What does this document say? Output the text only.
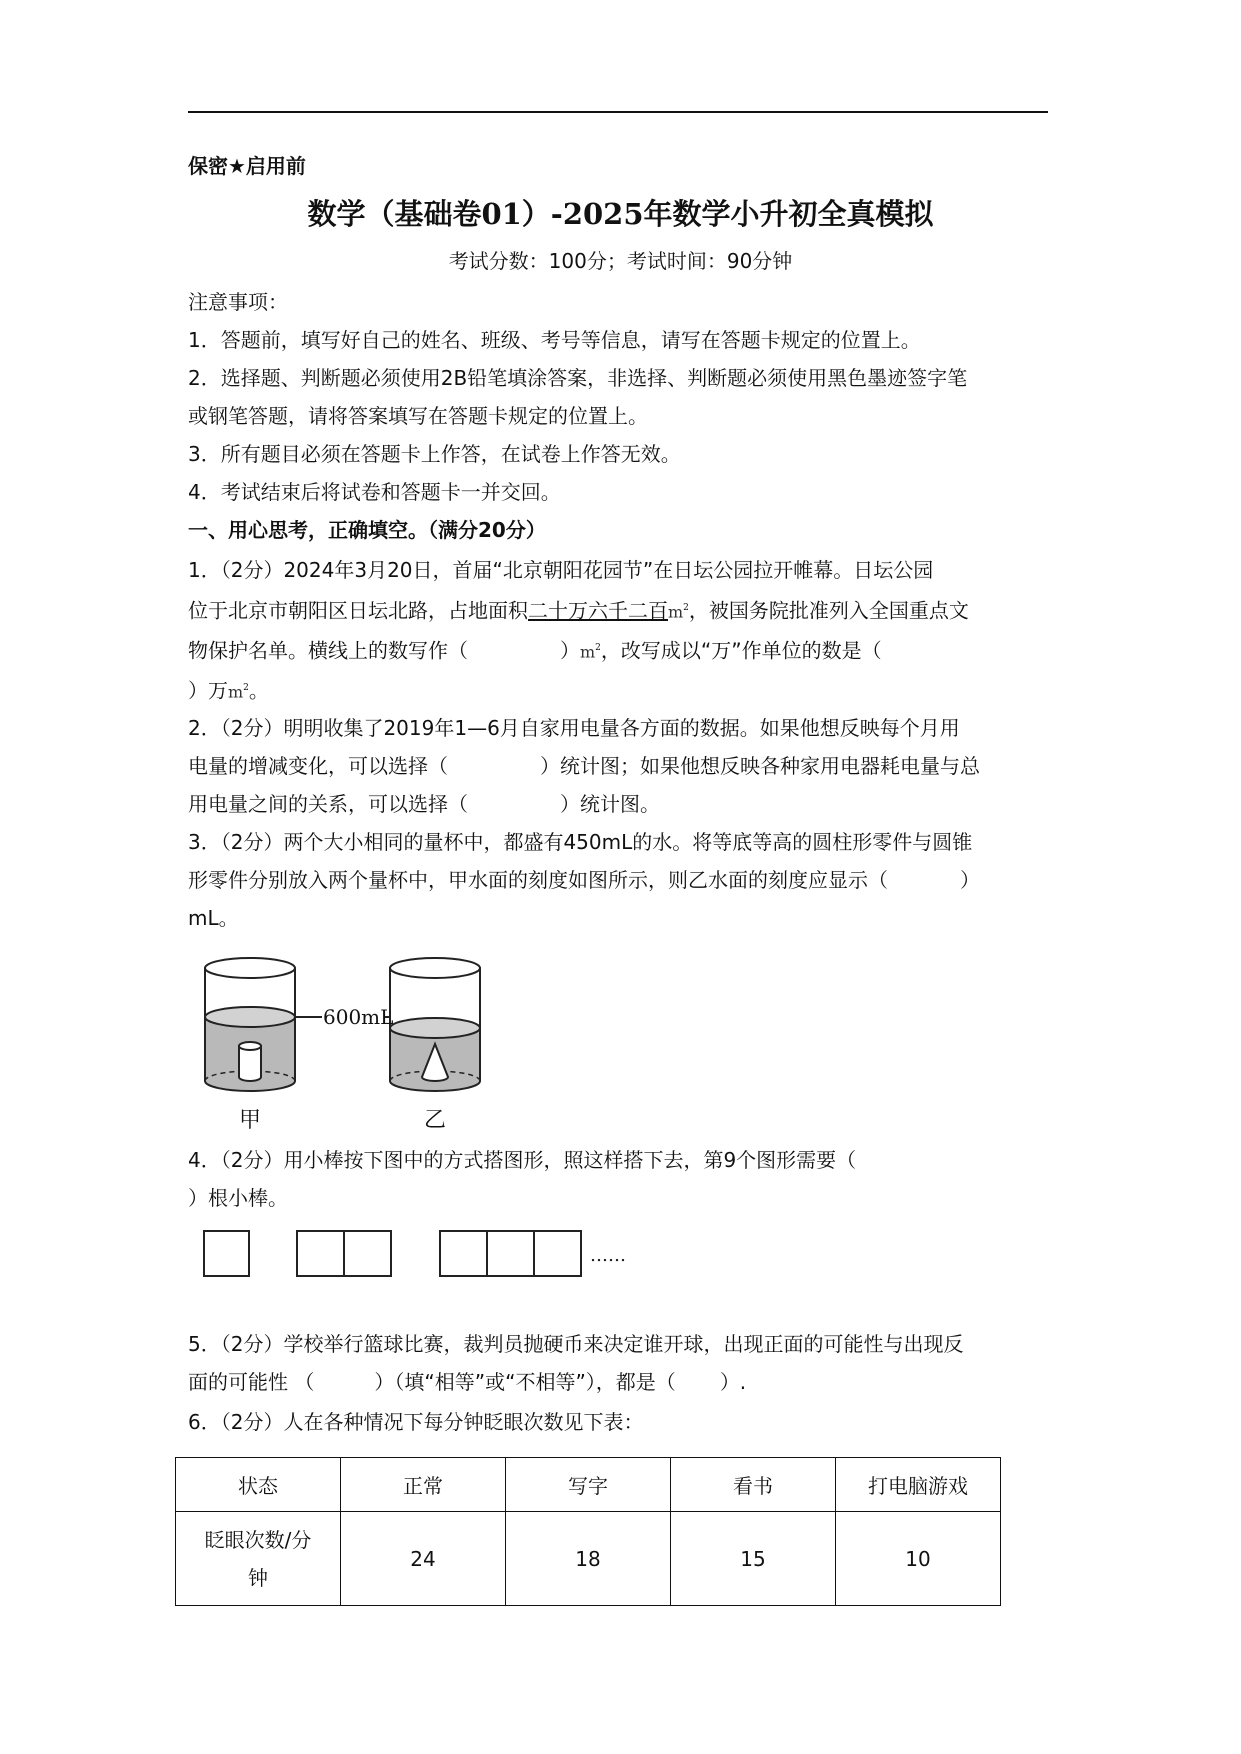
保密★启用前
数学（基础卷01）-2025年数学小升初全真模拟
考试分数：100分；考试时间：90分钟
注意事项：
1．答题前，填写好自己的姓名、班级、考号等信息，请写在答题卡规定的位置上。
2．选择题、判断题必须使用2B铅笔填涂答案，非选择、判断题必须使用黑色墨迹签字笔
或钢笔答题，请将答案填写在答题卡规定的位置上。
3．所有题目必须在答题卡上作答，在试卷上作答无效。
4．考试结束后将试卷和答题卡一并交回。
一、用心思考，正确填空。（满分20分）
1．（2分）2024年3月20日，首届“北京朝阳花园节”在日坛公园拉开帷幕。日坛公园
位于北京市朝阳区日坛北路，占地面积二十万六千二百$m^2$，被国务院批准列入全国重点文
物保护名单。横线上的数写作（	）$m^2$，改写成以“万”作单位的数是（
）万$m^2$。
2．（2分）明明收集了2019年1—6月自家用电量各方面的数据。如果他想反映每个月用
电量的增减变化，可以选择（	）统计图；如果他想反映各种家用电器耗电量与总
用电量之间的关系，可以选择（	）统计图。
3．（2分）两个大小相同的量杯中，都盛有450mL的水。将等底等高的圆柱形零件与圆锥
形零件分别放入两个量杯中，甲水面的刻度如图所示，则乙水面的刻度应显示（	）
mL。
600mL
甲	乙
4．（2分）用小棒按下图中的方式搭图形，照这样搭下去，第9个图形需要（
）根小棒。
……
5．（2分）学校举行篮球比赛，裁判员抛硬币来决定谁开球，出现正面的可能性与出现反
面的可能性 （	）（填“相等”或“不相等”），都是（ ）.
6．（2分）人在各种情况下每分钟眨眼次数见下表：
状态	正常	写字	看书	打电脑游戏
眨眼次数/分
钟	24	18	15	10
